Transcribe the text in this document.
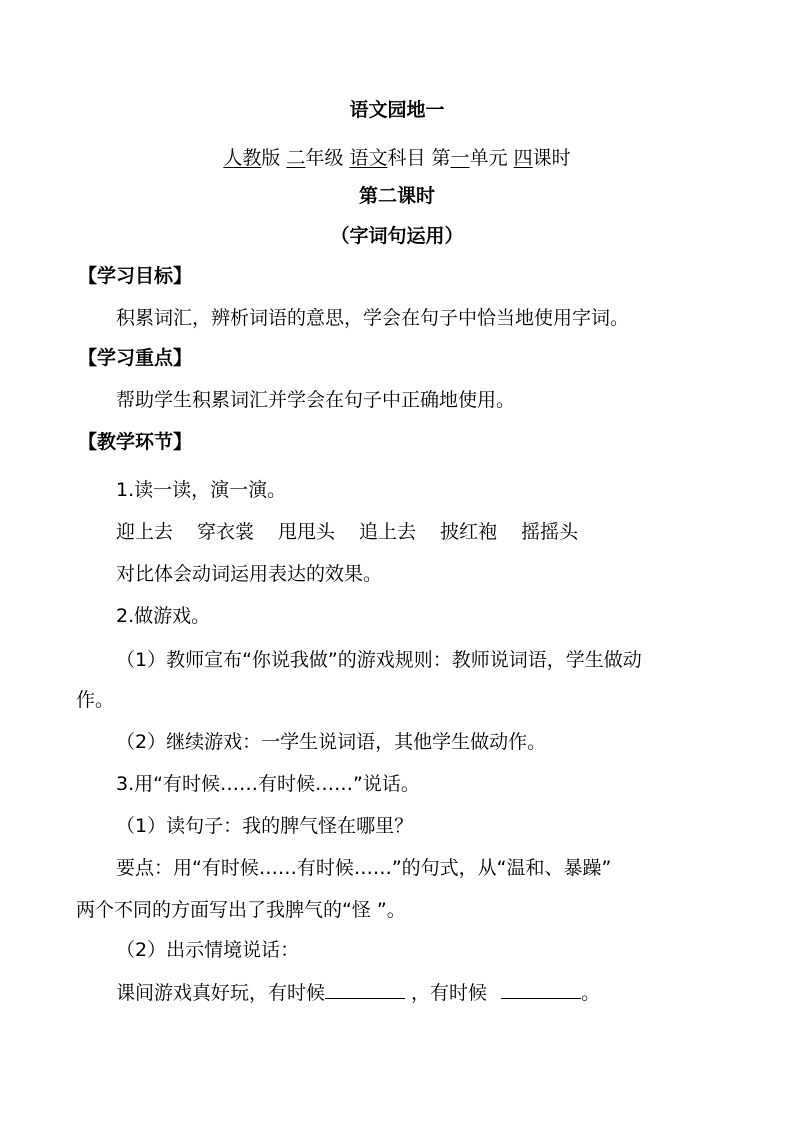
语文园地一
人教版 二年级 语文科目 第一单元 四课时
第二课时
（字词句运用）
【学习目标】
积累词汇，辨析词语的意思，学会在句子中恰当地使用字词。
【学习重点】
帮助学生积累词汇并学会在句子中正确地使用。
【教学环节】
1.读一读，演一演。
迎上去 穿衣裳 甩甩头 追上去 披红袍 摇摇头
对比体会动词运用表达的效果。
2.做游戏。
（1）教师宣布“你说我做”的游戏规则：教师说词语，学生做动
作。
（2）继续游戏：一学生说词语，其他学生做动作。
3.用“有时候……有时候……”说话。
（1）读句子：我的脾气怪在哪里？
要点：用“有时候……有时候……”的句式，从“温和、暴躁”
两个不同的方面写出了我脾气的“怪 ”。
（2）出示情境说话：
课间游戏真好玩，有时候	，有时候	。
